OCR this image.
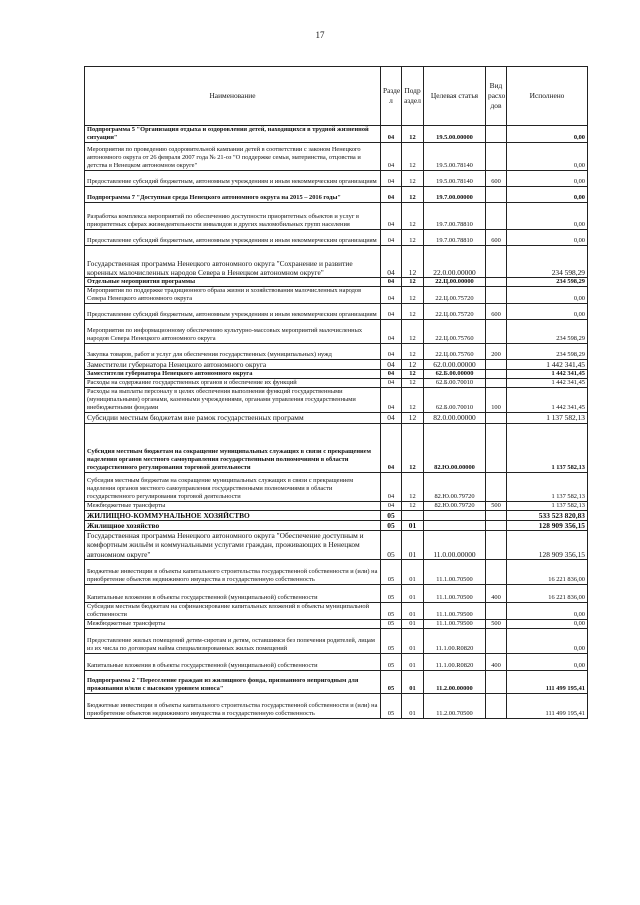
17
Наименование	Разде л	Подр аздел	Целевая статья	Вид расхо дов	Исполнено
Подпрограмма 5 "Организация отдыха и оздоровления детей, находящихся в трудной жизненной ситуации"	04	12	19.5.00.00000		0,00
Мероприятия по проведению оздоровительной кампании детей в соответствии с законом Ненецкого автономного округа от 26 февраля 2007 года № 21-оз "О поддержке семьи, материнства, отцовства и детства в Ненецком автономном округе"	04	12	19.5.00.78140		0,00
Предоставление субсидий бюджетным, автономным учреждениям и иным некоммерческим организациям	04	12	19.5.00.78140	600	0,00
Подпрограмма 7 "Доступная среда Ненецкого автономного округа на 2015 – 2016 годы"	04	12	19.7.00.00000		0,00
Разработка комплекса мероприятий по обеспечению доступности приоритетных объектов и услуг в приоритетных сферах жизнедеятельности инвалидов и других маломобильных групп населения	04	12	19.7.00.78810		0,00
Предоставление субсидий бюджетным, автономным учреждениям и иным некоммерческим организациям	04	12	19.7.00.78810	600	0,00
Государственная программа Ненецкого автономного округа "Сохранение и развитие коренных малочисленных народов Севера в Ненецком автономном округе"	04	12	22.0.00.00000		234 598,29
Отдельные мероприятия программы	04	12	22.Ц.00.00000		234 598,29
Мероприятия по поддержке традиционного образа жизни и хозяйствования малочисленных народов Севера Ненецкого автономного округа	04	12	22.Ц.00.75720		0,00
Предоставление субсидий бюджетным, автономным учреждениям и иным некоммерческим организациям	04	12	22.Ц.00.75720	600	0,00
Мероприятия по информационному обеспечению культурно-массовых мероприятий малочисленных народов Севера Ненецкого автономного округа	04	12	22.Ц.00.75760		234 598,29
Закупка товаров, работ и услуг для обеспечения государственных (муниципальных) нужд	04	12	22.Ц.00.75760	200	234 598,29
Заместители губернатора Ненецкого автономного округа	04	12	62.0.00.00000		1 442 341,45
Заместители губернатора Ненецкого автономного округа	04	12	62.Б.00.00000		1 442 341,45
Расходы на содержание государственных органов и обеспечение их функций	04	12	62.Б.00.70010		1 442 341,45
Расходы на выплаты персоналу в целях обеспечения выполнения функций государственными (муниципальными) органами, казенными учреждениями, органами управления государственными внебюджетными фондами	04	12	62.Б.00.70010	100	1 442 341,45
Субсидии местным бюджетам вне рамок государственных программ	04	12	82.0.00.00000		1 137 582,13
Субсидия местным бюджетам на сокращение муниципальных служащих в связи с прекращением наделения органов местного самоуправления государственными полномочиями в области государственного регулирования торговой деятельности	04	12	82.Ю.00.00000		1 137 582,13
Субсидия местным бюджетам на сокращение муниципальных служащих в связи с прекращением наделения органов местного самоуправления государственными полномочиями в области государственного регулирования торговой деятельности	04	12	82.Ю.00.79720		1 137 582,13
Межбюджетные трансферты	04	12	82.Ю.00.79720	500	1 137 582,13
ЖИЛИЩНО-КОММУНАЛЬНОЕ ХОЗЯЙСТВО	05				533 523 820,83
Жилищное хозяйство	05	01			128 909 356,15
Государственная программа Ненецкого автономного округа "Обеспечение доступным и комфортным жильём и коммунальными услугами граждан, проживающих в Ненецком автономном округе"	05	01	11.0.00.00000		128 909 356,15
Бюджетные инвестиции в объекты капитального строительства государственной собственности и (или) на приобретение объектов недвижимого имущества в государственную собственность	05	01	11.1.00.70500		16 221 836,00
Капитальные вложения в объекты государственной (муниципальной) собственности	05	01	11.1.00.70500	400	16 221 836,00
Субсидии местным бюджетам на софинансирование капитальных вложений в объекты муниципальной собственности	05	01	11.1.00.79500		0,00
Межбюджетные трансферты	05	01	11.1.00.79500	500	0,00
Предоставление жилых помещений детям-сиротам и детям, оставшимся без попечения родителей, лицам из их числа по договорам найма специализированных жилых помещений	05	01	11.1.00.R0820		0,00
Капитальные вложения в объекты государственной (муниципальной) собственности	05	01	11.1.00.R0820	400	0,00
Подпрограмма 2 "Переселение граждан из жилищного фонда, признанного непригодным для проживания и/или с высоким уровнем износа"	05	01	11.2.00.00000		111 499 195,41
Бюджетные инвестиции в объекты капитального строительства государственной собственности и (или) на приобретение объектов недвижимого имущества в государственную собственность	05	01	11.2.00.70500		111 499 195,41
